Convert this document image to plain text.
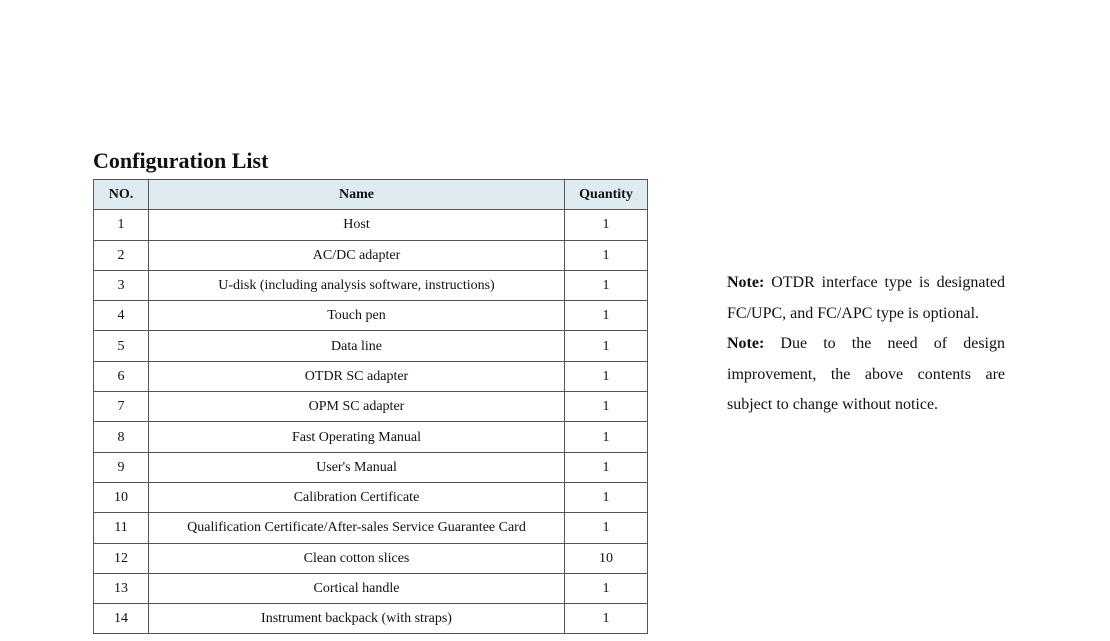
Configuration List
NO.	Name	Quantity
1	Host	1
2	AC/DC adapter	1
3	U-disk (including analysis software, instructions)	1
4	Touch pen	1
5	Data line	1
6	OTDR SC adapter	1
7	OPM SC adapter	1
8	Fast Operating Manual	1
9	User's Manual	1
10	Calibration Certificate	1
11	Qualification Certificate/After-sales Service Guarantee Card	1
12	Clean cotton slices	10
13	Cortical handle	1
14	Instrument backpack (with straps)	1

Note: OTDR interface type is designated FC/UPC, and FC/APC type is optional.

Note: Due to the need of design improvement, the above contents are subject to change without notice.
